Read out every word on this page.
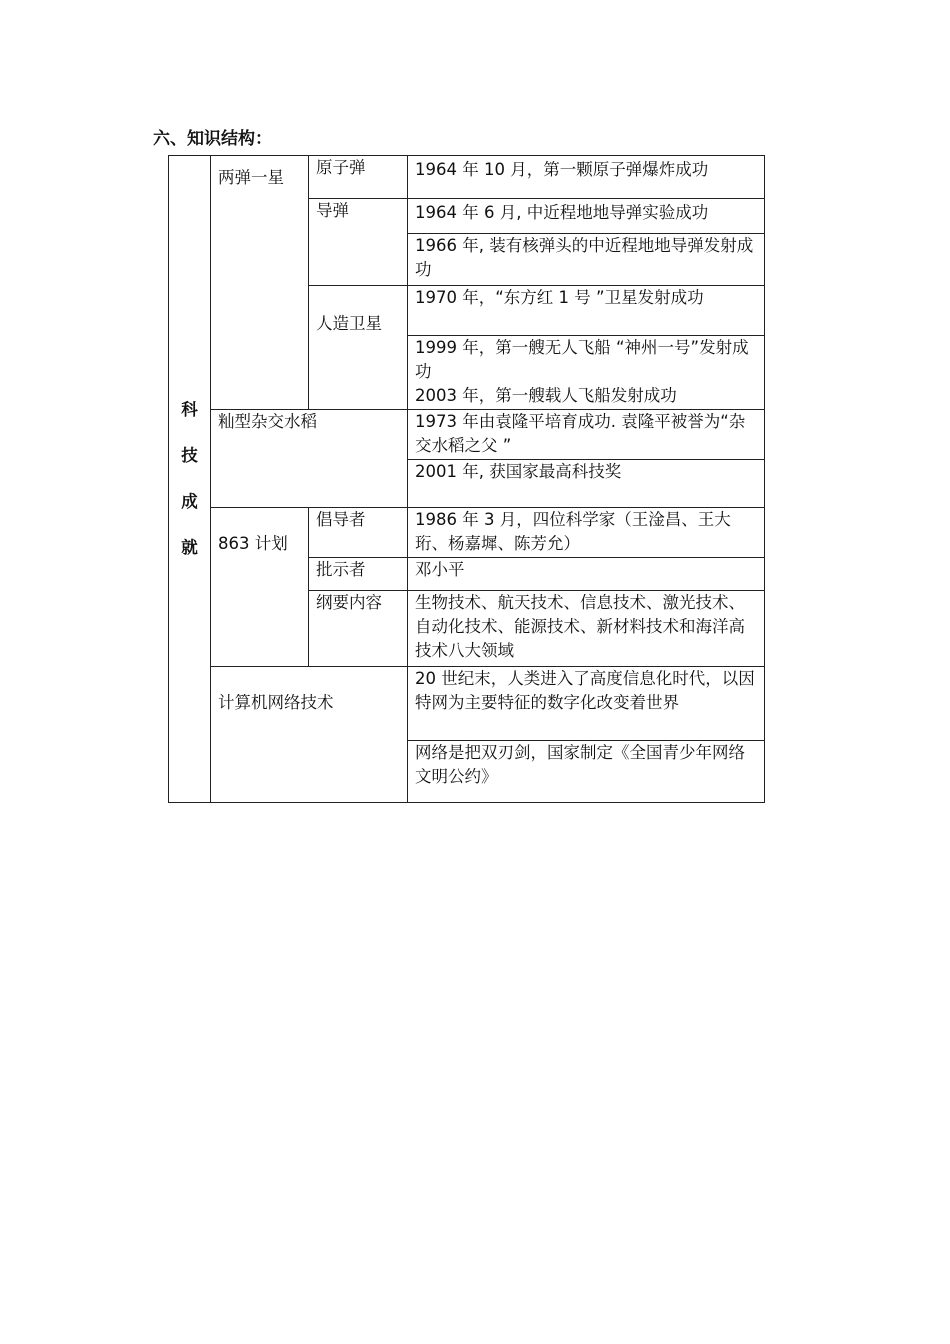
六、知识结构：
科
技
成
就	两弹一星	原子弹	1964 年 10 月，第一颗原子弹爆炸成功
		导弹	1964 年 6 月, 中近程地地导弹实验成功
			1966 年, 装有核弹头的中近程地地导弹发射成功
		人造卫星	1970 年，“东方红 1 号 ”卫星发射成功
			1999 年，第一艘无人飞船 “神州一号”发射成功
			2003 年，第一艘载人飞船发射成功
	籼型杂交水稻		1973 年由袁隆平培育成功. 袁隆平被誉为“杂交水稻之父 ”
			2001 年, 获国家最高科技奖
	863 计划	倡导者	1986 年 3 月，四位科学家（王淦昌、王大珩、杨嘉墀、陈芳允）
		批示者	邓小平
		纲要内容	生物技术、航天技术、信息技术、激光技术、自动化技术、能源技术、新材料技术和海洋高技术八大领域
	计算机网络技术		20 世纪末，人类进入了高度信息化时代，以因特网为主要特征的数字化改变着世界
			网络是把双刃剑，国家制定《全国青少年网络文明公约》
